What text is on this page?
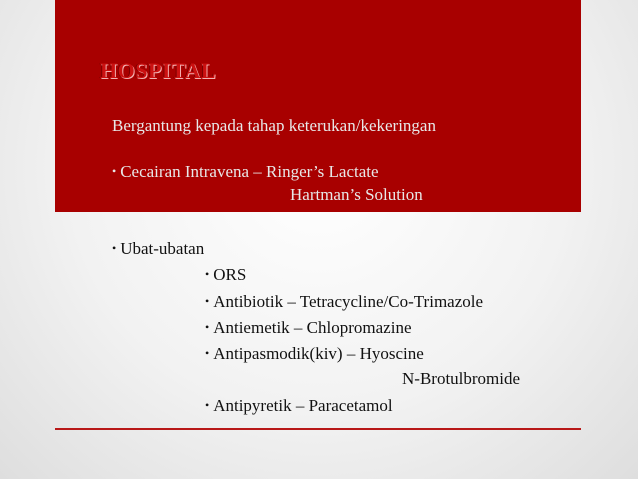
HOSPITAL
Bergantung kepada tahap keterukan/kekeringan
• Cecairan Intravena – Ringer’s Lactate
Hartman’s Solution
• Ubat-ubatan
• ORS
• Antibiotik – Tetracycline/Co-Trimazole
• Antiemetik – Chlopromazine
• Antipasmodik(kiv) – Hyoscine
N-Brotulbromide
• Antipyretik – Paracetamol
